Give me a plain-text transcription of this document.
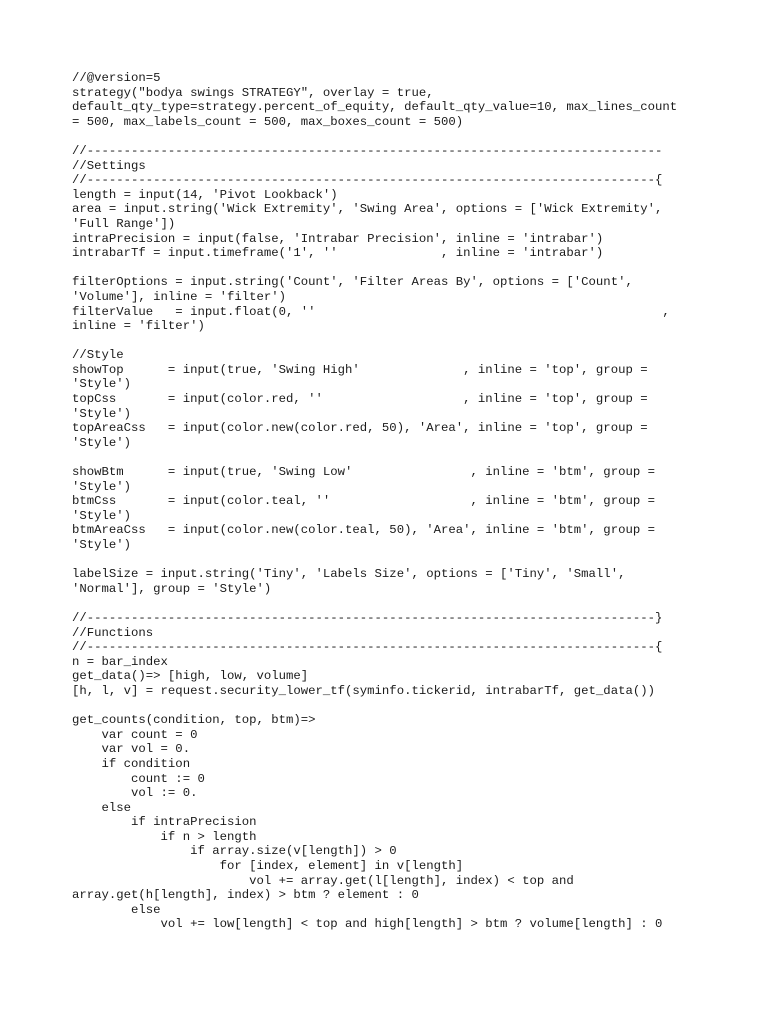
//@version=5
strategy("bodya swings STRATEGY", overlay = true,
default_qty_type=strategy.percent_of_equity, default_qty_value=10, max_lines_count
= 500, max_labels_count = 500, max_boxes_count = 500)
//------------------------------------------------------------------------------
//Settings
//-----------------------------------------------------------------------------{
length = input(14, 'Pivot Lookback')
area = input.string('Wick Extremity', 'Swing Area', options = ['Wick Extremity',
'Full Range'])
intraPrecision = input(false, 'Intrabar Precision', inline = 'intrabar')
intrabarTf = input.timeframe('1', ''              , inline = 'intrabar')
filterOptions = input.string('Count', 'Filter Areas By', options = ['Count',
'Volume'], inline = 'filter')
filterValue   = input.float(0, ''                                               ,
inline = 'filter')
//Style
showTop      = input(true, 'Swing High'              , inline = 'top', group =
'Style')
topCss       = input(color.red, ''                   , inline = 'top', group =
'Style')
topAreaCss   = input(color.new(color.red, 50), 'Area', inline = 'top', group =
'Style')
showBtm      = input(true, 'Swing Low'                , inline = 'btm', group =
'Style')
btmCss       = input(color.teal, ''                   , inline = 'btm', group =
'Style')
btmAreaCss   = input(color.new(color.teal, 50), 'Area', inline = 'btm', group =
'Style')
labelSize = input.string('Tiny', 'Labels Size', options = ['Tiny', 'Small',
'Normal'], group = 'Style')
//-----------------------------------------------------------------------------}
//Functions
//-----------------------------------------------------------------------------{
n = bar_index
get_data()=> [high, low, volume]
[h, l, v] = request.security_lower_tf(syminfo.tickerid, intrabarTf, get_data())
get_counts(condition, top, btm)=>
var count = 0
var vol = 0.
if condition
count := 0
vol := 0.
else
if intraPrecision
if n > length
if array.size(v[length]) > 0
for [index, element] in v[length]
vol += array.get(l[length], index) < top and
array.get(h[length], index) > btm ? element : 0
else
vol += low[length] < top and high[length] > btm ? volume[length] : 0
